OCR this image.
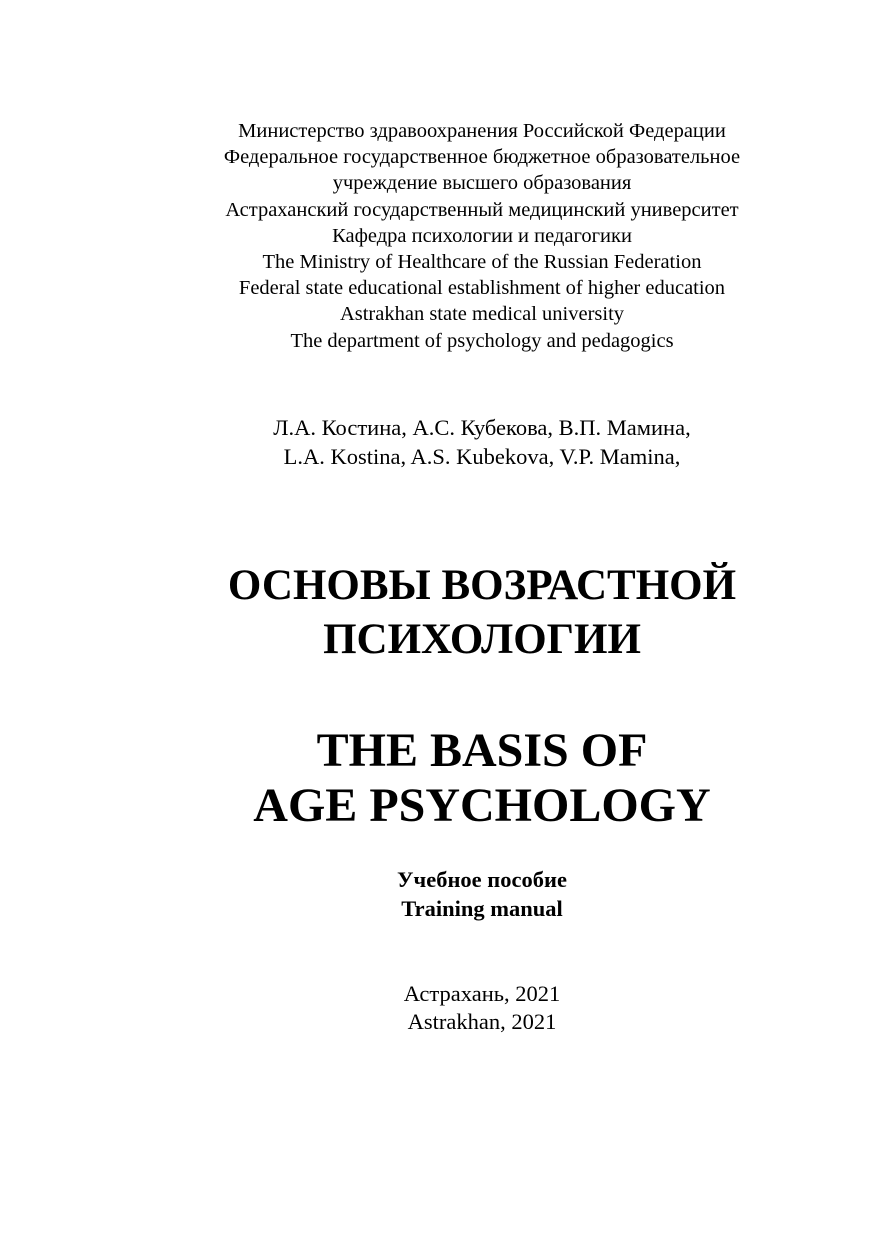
Министерство здравоохранения Российской Федерации
Федеральное государственное бюджетное образовательное
учреждение высшего образования
Астраханский государственный медицинский университет
Кафедра психологии и педагогики
The Ministry of Healthcare of the Russian Federation
Federal state educational establishment of higher education
Astrakhan state medical university
The department of psychology and pedagogics
Л.А. Костина, А.С. Кубекова, В.П. Мамина,
L.A. Kostina, A.S. Kubekova, V.P. Mamina,
ОСНОВЫ ВОЗРАСТНОЙ
ПСИХОЛОГИИ
THE BASIS OF
AGE PSYCHOLOGY
Учебное пособие
Training manual
Астрахань, 2021
Astrakhan, 2021
